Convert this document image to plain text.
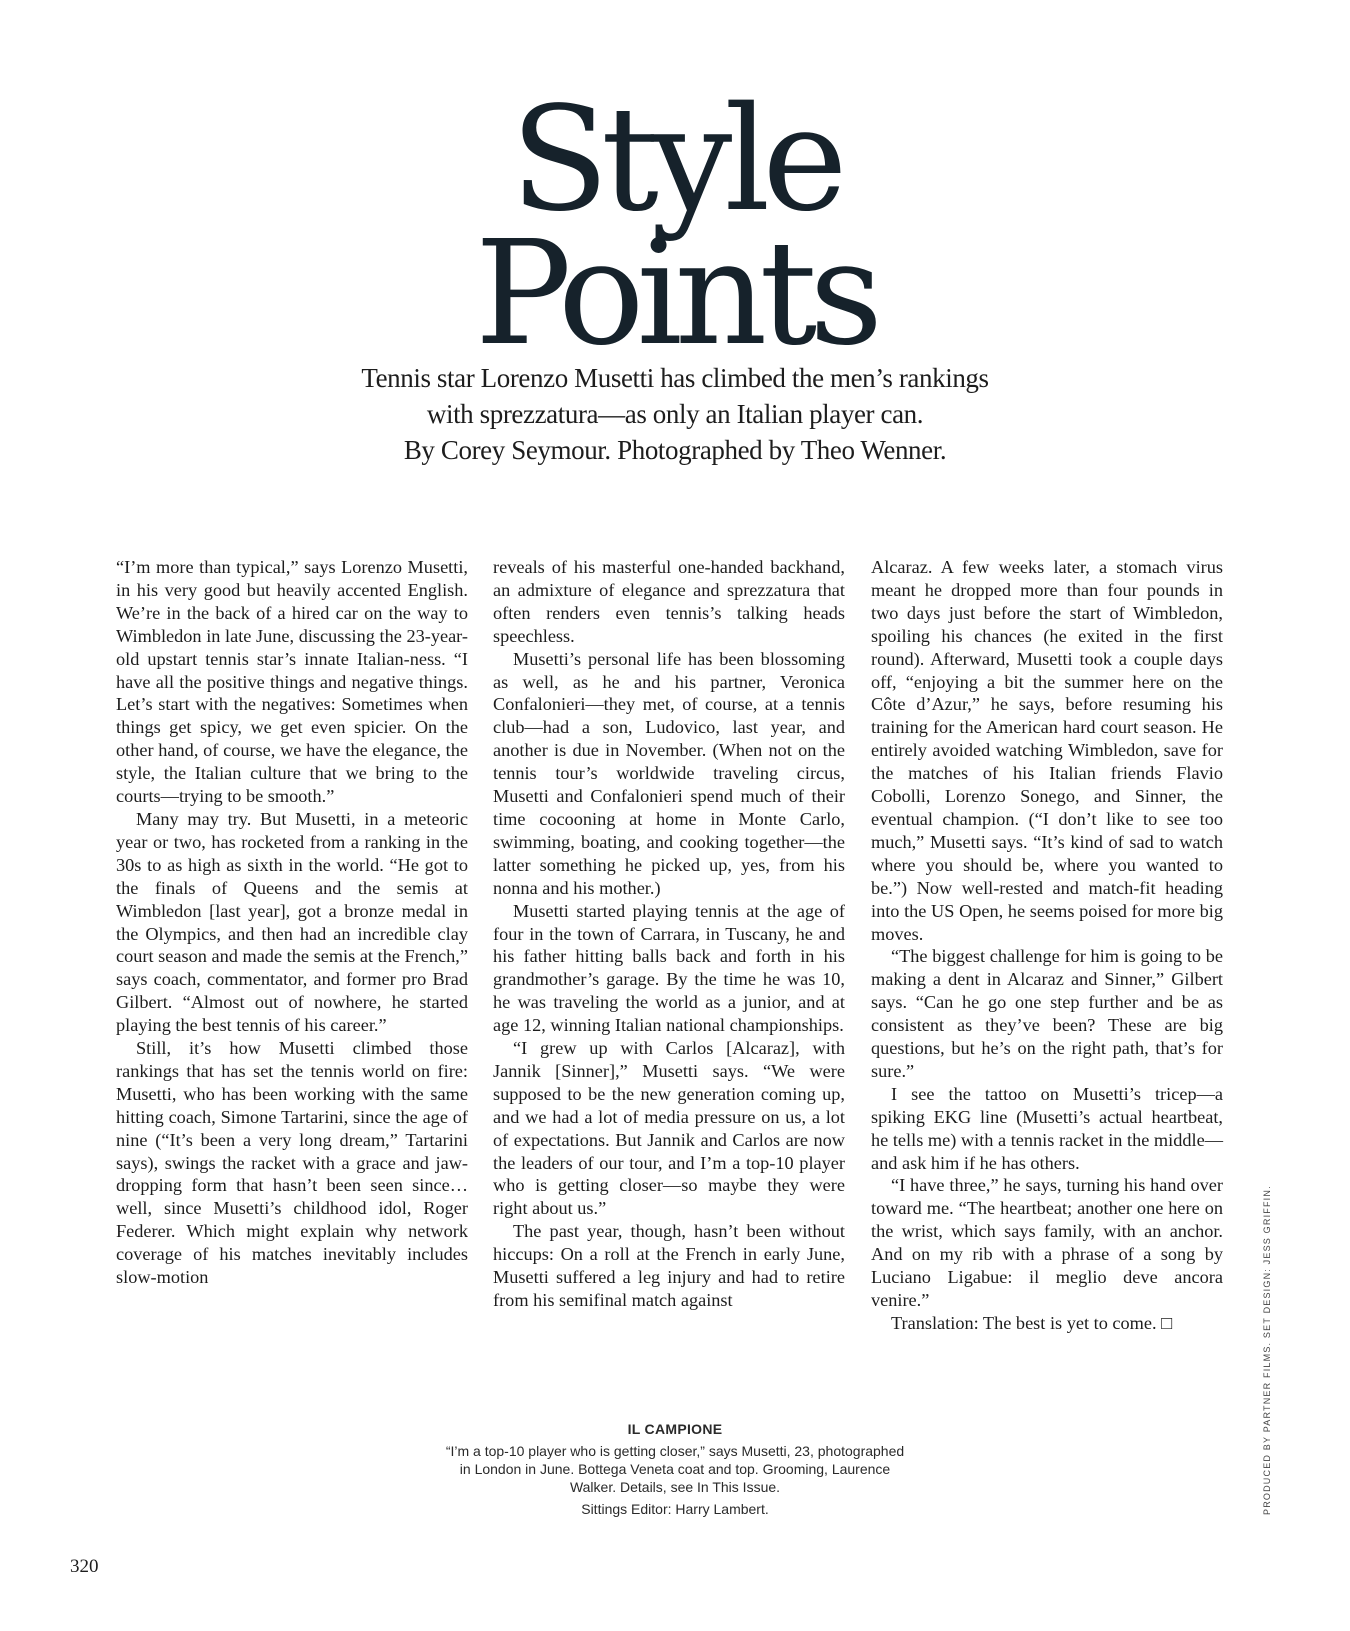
Style
Points
Tennis star Lorenzo Musetti has climbed the men’s rankings
with sprezzatura—as only an Italian player can.
By Corey Seymour. Photographed by Theo Wenner.

“I’m more than typical,” says Lorenzo Musetti, in his very good but heavily accented English. We’re in the back of a hired car on the way to Wimbledon in late June, discussing the 23-year-old upstart tennis star’s innate Italian-ness. “I have all the positive things and negative things. Let’s start with the negatives: Sometimes when things get spicy, we get even spicier. On the other hand, of course, we have the elegance, the style, the Italian culture that we bring to the courts—trying to be smooth.”

Many may try. But Musetti, in a meteoric year or two, has rocketed from a ranking in the 30s to as high as sixth in the world. “He got to the finals of Queens and the semis at Wimbledon [last year], got a bronze medal in the Olympics, and then had an incredible clay court season and made the semis at the French,” says coach, commentator, and former pro Brad Gilbert. “Almost out of nowhere, he started playing the best tennis of his career.”

Still, it’s how Musetti climbed those rankings that has set the tennis world on fire: Musetti, who has been working with the same hitting coach, Simone Tartarini, since the age of nine (“It’s been a very long dream,” Tartarini says), swings the racket with a grace and jaw-dropping form that hasn’t been seen since…well, since Musetti’s childhood idol, Roger Federer. Which might explain why network coverage of his matches inevitably includes slow-motion

reveals of his masterful one-handed backhand, an admixture of elegance and sprezzatura that often renders even tennis’s talking heads speechless.

Musetti’s personal life has been blossoming as well, as he and his partner, Veronica Confalonieri—they met, of course, at a tennis club—had a son, Ludovico, last year, and another is due in November. (When not on the tennis tour’s worldwide traveling circus, Musetti and Confalonieri spend much of their time cocooning at home in Monte Carlo, swimming, boating, and cooking together—the latter something he picked up, yes, from his nonna and his mother.)

Musetti started playing tennis at the age of four in the town of Carrara, in Tuscany, he and his father hitting balls back and forth in his grandmother’s garage. By the time he was 10, he was traveling the world as a junior, and at age 12, winning Italian national championships.

“I grew up with Carlos [Alcaraz], with Jannik [Sinner],” Musetti says. “We were supposed to be the new generation coming up, and we had a lot of media pressure on us, a lot of expectations. But Jannik and Carlos are now the leaders of our tour, and I’m a top-10 player who is getting closer—so maybe they were right about us.”

The past year, though, hasn’t been without hiccups: On a roll at the French in early June, Musetti suffered a leg injury and had to retire from his semifinal match against

Alcaraz. A few weeks later, a stomach virus meant he dropped more than four pounds in two days just before the start of Wimbledon, spoiling his chances (he exited in the first round). Afterward, Musetti took a couple days off, “enjoying a bit the summer here on the Côte d’Azur,” he says, before resuming his training for the American hard court season. He entirely avoided watching Wimbledon, save for the matches of his Italian friends Flavio Cobolli, Lorenzo Sonego, and Sinner, the eventual champion. (“I don’t like to see too much,” Musetti says. “It’s kind of sad to watch where you should be, where you wanted to be.”) Now well-rested and match-fit heading into the US Open, he seems poised for more big moves.

“The biggest challenge for him is going to be making a dent in Alcaraz and Sinner,” Gilbert says. “Can he go one step further and be as consistent as they’ve been? These are big questions, but he’s on the right path, that’s for sure.”

I see the tattoo on Musetti’s tricep—a spiking EKG line (Musetti’s actual heartbeat, he tells me) with a tennis racket in the middle—and ask him if he has others.

“I have three,” he says, turning his hand over toward me. “The heartbeat; another one here on the wrist, which says family, with an anchor. And on my rib with a phrase of a song by Luciano Ligabue: il meglio deve ancora venire.”

Translation: The best is yet to come. □

IL CAMPIONE
“I’m a top-10 player who is getting closer,” says Musetti, 23, photographed in London in June. Bottega Veneta coat and top. Grooming, Laurence Walker. Details, see In This Issue.
Sittings Editor: Harry Lambert.	PRODUCED BY PARTNER FILMS. SET DESIGN: JESS GRIFFIN.
320
